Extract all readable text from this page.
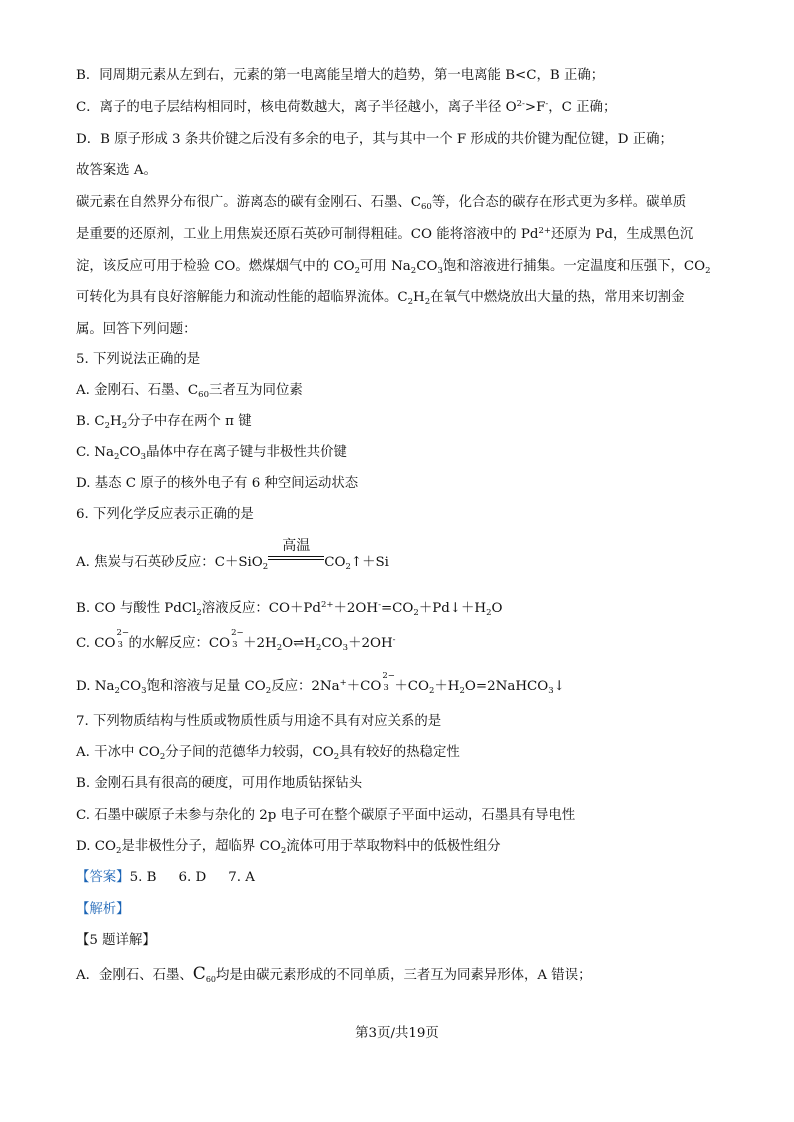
B．同周期元素从左到右，元素的第一电离能呈增大的趋势，第一电离能 B<C，B 正确；
C．离子的电子层结构相同时，核电荷数越大，离子半径越小，离子半径 $O^{2-}>F^-$，C 正确；
D．B 原子形成 3 条共价键之后没有多余的电子，其与其中一个 F 形成的共价键为配位键，D 正确；
故答案选 A。
碳元素在自然界分布很广。游离态的碳有金刚石、石墨、$C_{60}$等，化合态的碳存在形式更为多样。碳单质
是重要的还原剂，工业上用焦炭还原石英砂可制得粗硅。CO 能将溶液中的 $Pd^{2+}$还原为 Pd，生成黑色沉
淀，该反应可用于检验 CO。燃煤烟气中的 $CO_2$可用 $Na_2CO_3$饱和溶液进行捕集。一定温度和压强下，$CO_2$
可转化为具有良好溶解能力和流动性能的超临界流体。$C_2H_2$在氧气中燃烧放出大量的热，常用来切割金
属。回答下列问题：
5. 下列说法正确的是
A. 金刚石、石墨、$C_{60}$三者互为同位素
B. $C_2H_2$分子中存在两个 π 键
C. $Na_2CO_3$晶体中存在离子键与非极性共价键
D. 基态 C 原子的核外电子有 6 种空间运动状态
6. 下列化学反应表示正确的是
A. 焦炭与石英砂反应：C＋SiO$_2$
高温
$CO_2↑+Si$
B. CO 与酸性 PdCl$_2$溶液反应：$CO+Pd^{2+}+2OH^-=CO_2+Pd↓+H_2O$
C. CO
2−
3 的水解反应：CO
2−
$3 +2H_2O\rightleftharpoons H_2CO_3+2OH^-$
D. $Na_2CO_3$饱和溶液与足量 $CO_2$反应：2Na+＋CO
2−
$3 +CO_2+H_2O=2NaHCO_3↓$
7. 下列物质结构与性质或物质性质与用途不具有对应关系的是
A. 干冰中 $CO_2$分子间的范德华力较弱，$CO_2$具有较好的热稳定性
B. 金刚石具有很高的硬度，可用作地质钻探钻头
C. 石墨中碳原子未参与杂化的 2p 电子可在整个碳原子平面中运动，石墨具有导电性
D. $CO_2$是非极性分子，超临界 $CO_2$流体可用于萃取物料中的低极性组分
【答案】5. B 6. D 7. A
【解析】
【5 题详解】
A．金刚石、石墨、$C_{60}$均是由碳元素形成的不同单质，三者互为同素异形体，A 错误；
第3页/共19页
